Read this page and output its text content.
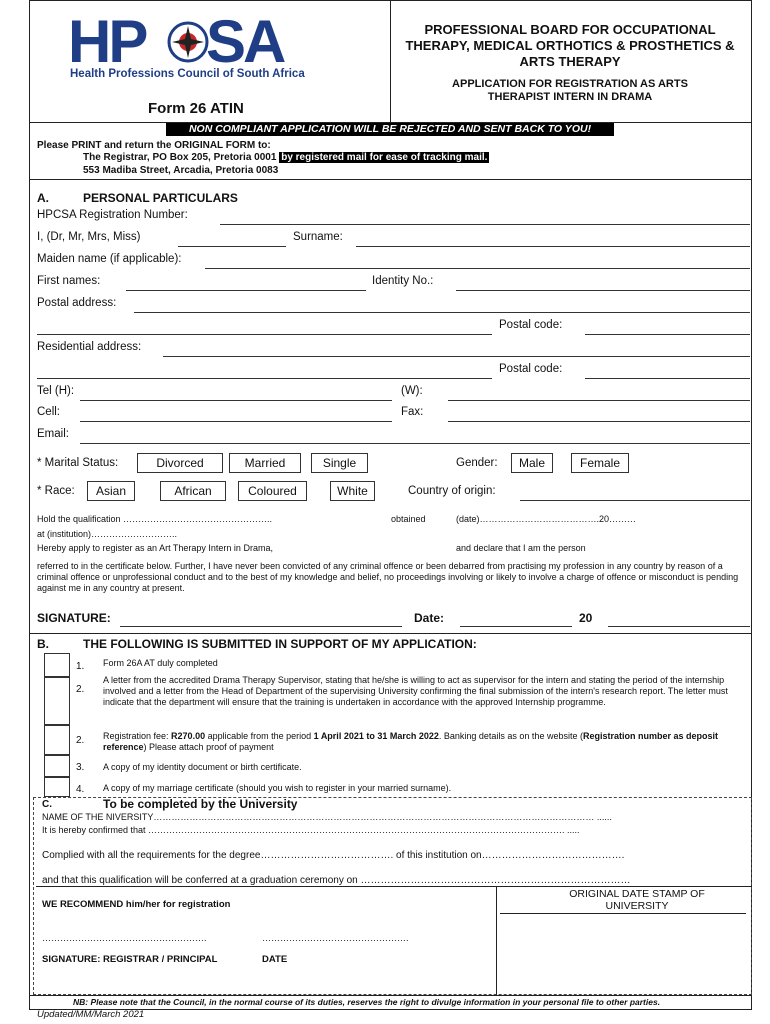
HP SA
Health Professions Council of South Africa
Form 26 ATIN
PROFESSIONAL BOARD FOR OCCUPATIONAL THERAPY, MEDICAL ORTHOTICS & PROSTHETICS & ARTS THERAPY
APPLICATION FOR REGISTRATION AS ARTS THERAPIST INTERN IN DRAMA
NON COMPLIANT APPLICATION WILL BE REJECTED AND SENT BACK TO YOU!
Please PRINT and return the ORIGINAL FORM to:
The Registrar, PO Box 205, Pretoria 0001 by registered mail for ease of tracking mail.
553 Madiba Street, Arcadia, Pretoria 0083
A.	PERSONAL PARTICULARS
HPCSA Registration Number:
I, (Dr, Mr, Mrs, Miss)	Surname:
Maiden name (if applicable):
First names:	Identity No.:
Postal address:
Postal code:
Residential address:
Postal code:
Tel (H):	(W):
Cell:	Fax:
Email:
* Marital Status:	Divorced	Married	Single	Gender:	Male	Female
* Race:	Asian	African	Coloured	White	Country of origin:
Hold the qualification …………………………………………..	obtained	(date)………………………………….20………
at (institution)………………………..
Hereby apply to register as an Art Therapy Intern in Drama,	and declare that I am the person
referred to in the certificate below. Further, I have never been convicted of any criminal offence or been debarred from practising my profession in any country by reason of a criminal offence or unprofessional conduct and to the best of my knowledge and belief, no proceedings involving or likely to involve a charge of offence or misconduct is pending against me in any country at present.
SIGNATURE:	Date:	20
B.	THE FOLLOWING IS SUBMITTED IN SUPPORT OF MY APPLICATION:
1. Form 26A AT duly completed
2.
A letter from the accredited Drama Therapy Supervisor, stating that he/she is willing to act as supervisor for the intern and stating the period of the internship involved and a letter from the Head of Department of the supervising University confirming the final submission of the intern's research report. The letter must indicate that the department will ensure that the training is undertaken in accordance with the approved Internship programme.
2. Registration fee: R270.00 applicable from the period 1 April 2021 to 31 March 2022. Banking details as on the website (Registration number as deposit reference) Please attach proof of payment
3. A copy of my identity document or birth certificate.
4. A copy of my marriage certificate (should you wish to register in your married surname).
C.	To be completed by the University
NAME OF THE NIVERSITY………………………………………………………………………………………………………………………………… ......
It is hereby confirmed that …………………………………………………………………………………………………………………………. .....
Complied with all the requirements for the degree…………………………………. of this institution on…………………………………….
and that this qualification will be conferred at a graduation ceremony on ………………………………………………………………………
WE RECOMMEND him/her for registration
ORIGINAL DATE STAMP OF UNIVERSITY
……………………………………………….	………………………………………….
SIGNATURE: REGISTRAR / PRINCIPAL	DATE
NB: Please note that the Council, in the normal course of its duties, reserves the right to divulge information in your personal file to other parties.
Updated/MM/March 2021
